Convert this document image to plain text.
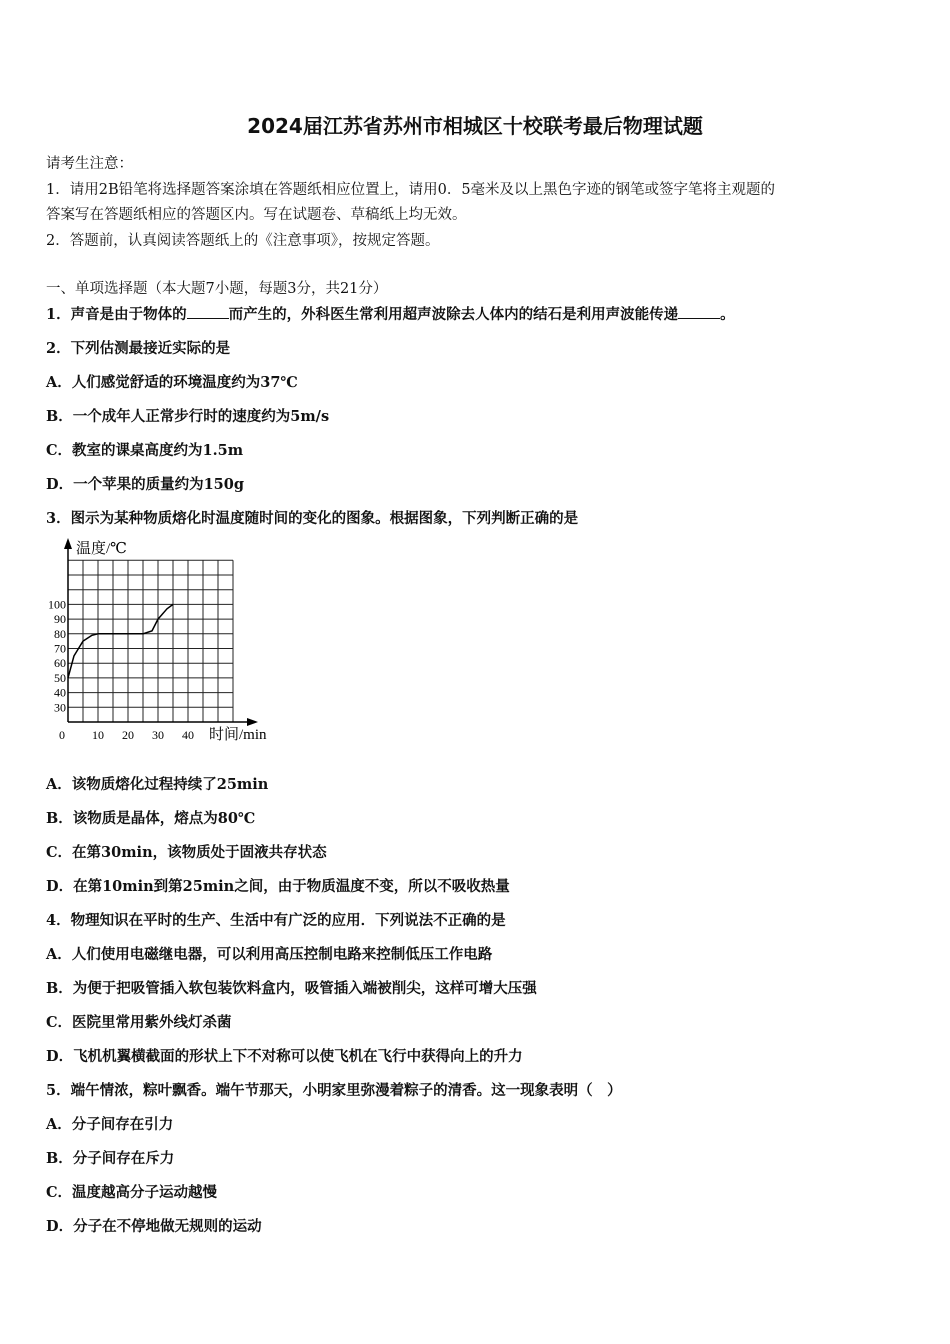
2024届江苏省苏州市相城区十校联考最后物理试题
请考生注意：
1．请用2B铅笔将选择题答案涂填在答题纸相应位置上，请用0．5毫米及以上黑色字迹的钢笔或签字笔将主观题的
答案写在答题纸相应的答题区内。写在试题卷、草稿纸上均无效。
2．答题前，认真阅读答题纸上的《注意事项》，按规定答题。
一、单项选择题（本大题7小题，每题3分，共21分）
1．声音是由于物体的	而产生的，外科医生常利用超声波除去人体内的结石是利用声波能传递	。
2．下列估测最接近实际的是
A．人们感觉舒适的环境温度约为37℃
B．一个成年人正常步行时的速度约为5m/s
C．教室的课桌高度约为1.5m
D．一个苹果的质量约为150g
3．图示为某种物质熔化时温度随时间的变化的图象。根据图象，下列判断正确的是
100
90
80
70
60
50
40
30
0 10 20 30 40
温度/℃
时间/min
A．该物质熔化过程持续了25min
B．该物质是晶体，熔点为80℃
C．在第30min，该物质处于固液共存状态
D．在第10min到第25min之间，由于物质温度不变，所以不吸收热量
4．物理知识在平时的生产、生活中有广泛的应用．下列说法不正确的是
A．人们使用电磁继电器，可以利用高压控制电路来控制低压工作电路
B．为便于把吸管插入软包装饮料盒内，吸管插入端被削尖，这样可增大压强
C．医院里常用紫外线灯杀菌
D．飞机机翼横截面的形状上下不对称可以使飞机在飞行中获得向上的升力
5．端午情浓，粽叶飘香。端午节那天，小明家里弥漫着粽子的清香。这一现象表明（　）
A．分子间存在引力
B．分子间存在斥力
C．温度越高分子运动越慢
D．分子在不停地做无规则的运动
